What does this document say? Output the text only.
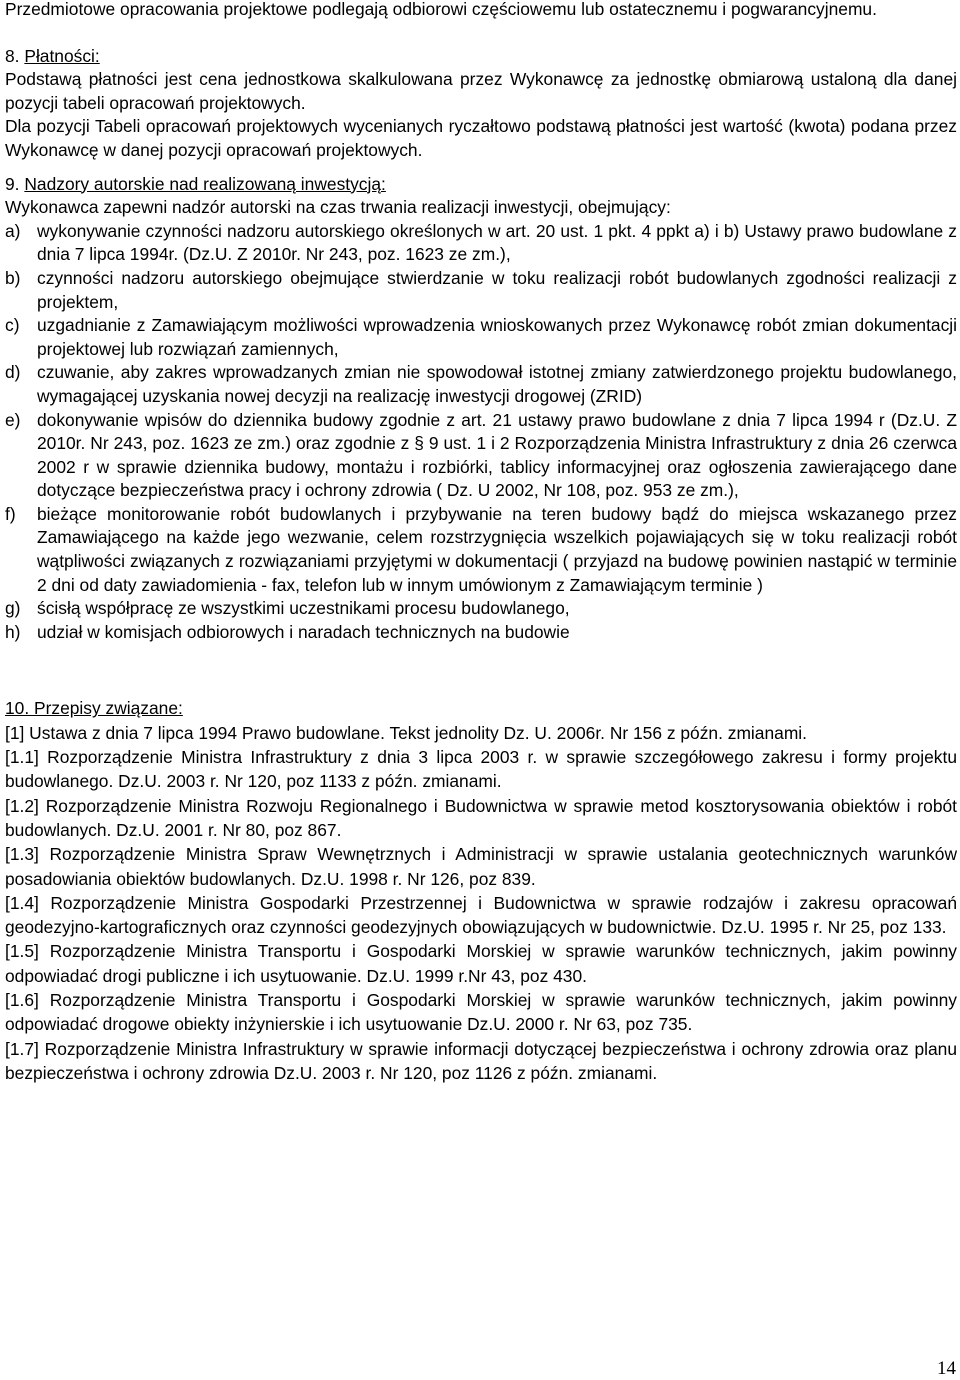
Przedmiotowe opracowania projektowe podlegają odbiorowi częściowemu lub ostatecznemu i pogwarancyjnemu.

8. Płatności:

Podstawą płatności jest cena jednostkowa skalkulowana przez Wykonawcę za jednostkę obmiarową ustaloną dla danej pozycji tabeli opracowań projektowych.

Dla pozycji Tabeli opracowań projektowych wycenianych ryczałtowo podstawą płatności jest wartość (kwota) podana przez Wykonawcę w danej pozycji opracowań projektowych.

9. Nadzory autorskie nad realizowaną inwestycją:

Wykonawca zapewni nadzór autorski na czas trwania realizacji inwestycji, obejmujący:

a) wykonywanie czynności nadzoru autorskiego określonych w art. 20 ust. 1 pkt. 4 ppkt a) i b) Ustawy prawo budowlane z dnia 7 lipca 1994r. (Dz.U. Z 2010r. Nr 243, poz. 1623 ze zm.),
b) czynności nadzoru autorskiego obejmujące stwierdzanie w toku realizacji robót budowlanych zgodności realizacji z projektem,
c) uzgadnianie z Zamawiającym możliwości wprowadzenia wnioskowanych przez Wykonawcę robót zmian dokumentacji projektowej lub rozwiązań zamiennych,
d) czuwanie, aby zakres wprowadzanych zmian nie spowodował istotnej zmiany zatwierdzonego projektu budowlanego, wymagającej uzyskania nowej decyzji na realizację inwestycji drogowej (ZRID)
e) dokonywanie wpisów do dziennika budowy zgodnie z art. 21 ustawy prawo budowlane z dnia 7 lipca 1994 r (Dz.U. Z 2010r. Nr 243, poz. 1623 ze zm.) oraz zgodnie z § 9 ust. 1 i 2 Rozporządzenia Ministra Infrastruktury z dnia 26 czerwca 2002 r w sprawie dziennika budowy, montażu i rozbiórki, tablicy informacyjnej oraz ogłoszenia zawierającego dane dotyczące bezpieczeństwa pracy i ochrony zdrowia ( Dz. U 2002, Nr 108, poz. 953 ze zm.),
f) bieżące monitorowanie robót budowlanych i przybywanie na teren budowy bądź do miejsca wskazanego przez Zamawiającego na każde jego wezwanie, celem rozstrzygnięcia wszelkich pojawiających się w toku realizacji robót wątpliwości związanych z rozwiązaniami przyjętymi w dokumentacji ( przyjazd na budowę powinien nastąpić w terminie 2 dni od daty zawiadomienia - fax, telefon lub w innym umówionym z Zamawiającym terminie )
g) ścisłą współpracę ze wszystkimi uczestnikami procesu budowlanego,
h) udział w komisjach odbiorowych i naradach technicznych na budowie

10. Przepisy związane:

[1] Ustawa z dnia 7 lipca 1994 Prawo budowlane. Tekst jednolity Dz. U. 2006r. Nr 156 z późn. zmianami.

[1.1] Rozporządzenie Ministra Infrastruktury z dnia 3 lipca 2003 r. w sprawie szczegółowego zakresu i formy projektu budowlanego. Dz.U. 2003 r. Nr 120, poz 1133 z późn. zmianami.

[1.2] Rozporządzenie Ministra Rozwoju Regionalnego i Budownictwa w sprawie metod kosztorysowania obiektów i robót budowlanych. Dz.U. 2001 r. Nr 80, poz 867.

[1.3] Rozporządzenie Ministra Spraw Wewnętrznych i Administracji w sprawie ustalania geotechnicznych warunków posadowiania obiektów budowlanych. Dz.U. 1998 r. Nr 126, poz 839.

[1.4] Rozporządzenie Ministra Gospodarki Przestrzennej i Budownictwa w sprawie rodzajów i zakresu opracowań geodezyjno-kartograficznych oraz czynności geodezyjnych obowiązujących w budownictwie. Dz.U. 1995 r. Nr 25, poz 133.

[1.5] Rozporządzenie Ministra Transportu i Gospodarki Morskiej w sprawie warunków technicznych, jakim powinny odpowiadać drogi publiczne i ich usytuowanie. Dz.U. 1999 r.Nr 43, poz 430.

[1.6] Rozporządzenie Ministra Transportu i Gospodarki Morskiej w sprawie warunków technicznych, jakim powinny odpowiadać drogowe obiekty inżynierskie i ich usytuowanie Dz.U. 2000 r. Nr 63, poz 735.

[1.7] Rozporządzenie Ministra Infrastruktury w sprawie informacji dotyczącej bezpieczeństwa i ochrony zdrowia oraz planu bezpieczeństwa i ochrony zdrowia Dz.U. 2003 r. Nr 120, poz 1126 z późn. zmianami.

14
